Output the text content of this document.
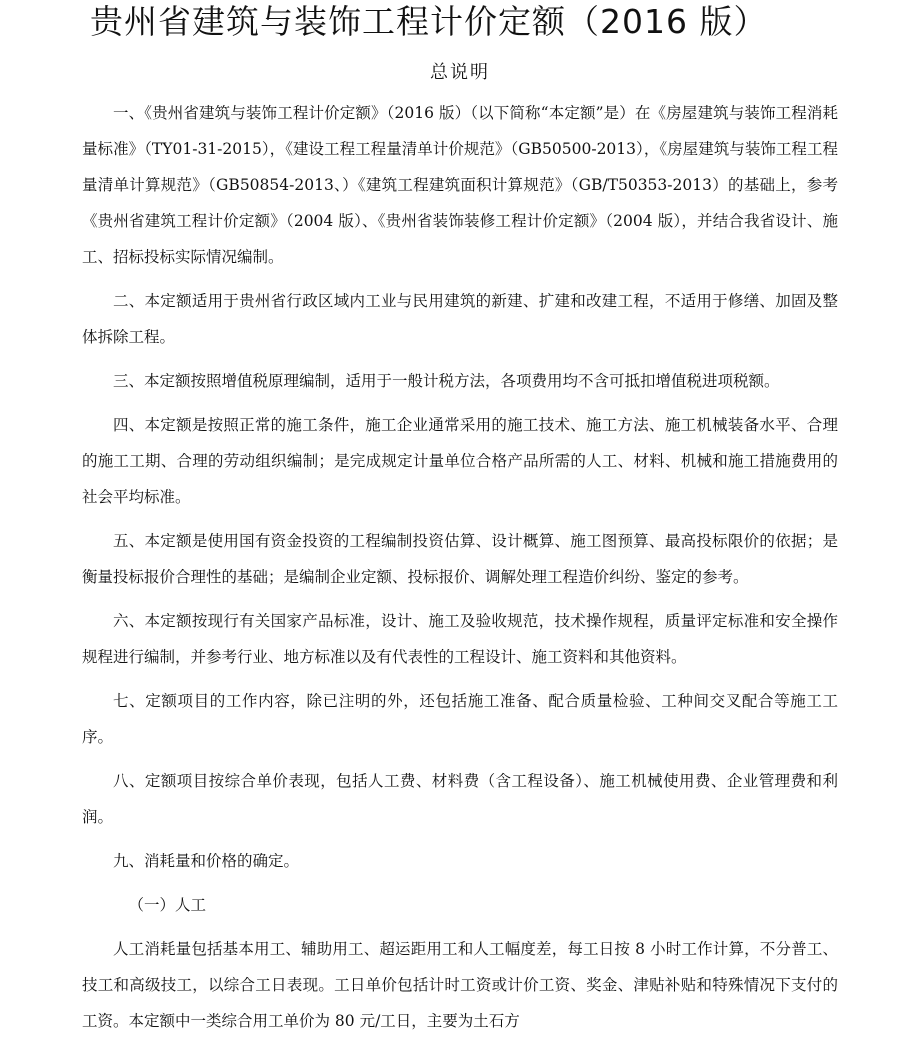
贵州省建筑与装饰工程计价定额（2016 版）
总说明

一、《贵州省建筑与装饰工程计价定额》（2016 版）（以下简称“本定额”是）在《房屋建筑与装饰工程消耗量标准》（TY01-31-2015），《建设工程工程量清单计价规范》（GB50500-2013），《房屋建筑与装饰工程工程量清单计算规范》（GB50854-2013、）《建筑工程建筑面积计算规范》（GB/T50353-2013）的基础上，参考《贵州省建筑工程计价定额》（2004 版）、《贵州省装饰装修工程计价定额》（2004 版），并结合我省设计、施工、招标投标实际情况编制。

二、本定额适用于贵州省行政区域内工业与民用建筑的新建、扩建和改建工程，不适用于修缮、加固及整体拆除工程。

三、本定额按照增值税原理编制，适用于一般计税方法，各项费用均不含可抵扣增值税进项税额。

四、本定额是按照正常的施工条件，施工企业通常采用的施工技术、施工方法、施工机械装备水平、合理的施工工期、合理的劳动组织编制；是完成规定计量单位合格产品所需的人工、材料、机械和施工措施费用的社会平均标准。

五、本定额是使用国有资金投资的工程编制投资估算、设计概算、施工图预算、最高投标限价的依据；是衡量投标报价合理性的基础；是编制企业定额、投标报价、调解处理工程造价纠纷、鉴定的参考。

六、本定额按现行有关国家产品标准，设计、施工及验收规范，技术操作规程，质量评定标准和安全操作规程进行编制，并参考行业、地方标准以及有代表性的工程设计、施工资料和其他资料。

七、定额项目的工作内容，除已注明的外，还包括施工准备、配合质量检验、工种间交叉配合等施工工序。

八、定额项目按综合单价表现，包括人工费、材料费（含工程设备）、施工机械使用费、企业管理费和利润。

九、消耗量和价格的确定。

（一）人工

人工消耗量包括基本用工、辅助用工、超运距用工和人工幅度差，每工日按 8 小时工作计算，不分普工、技工和高级技工，以综合工日表现。工日单价包括计时工资或计价工资、奖金、津贴补贴和特殊情况下支付的工资。本定额中一类综合用工单价为 80 元/工日，主要为土石方
